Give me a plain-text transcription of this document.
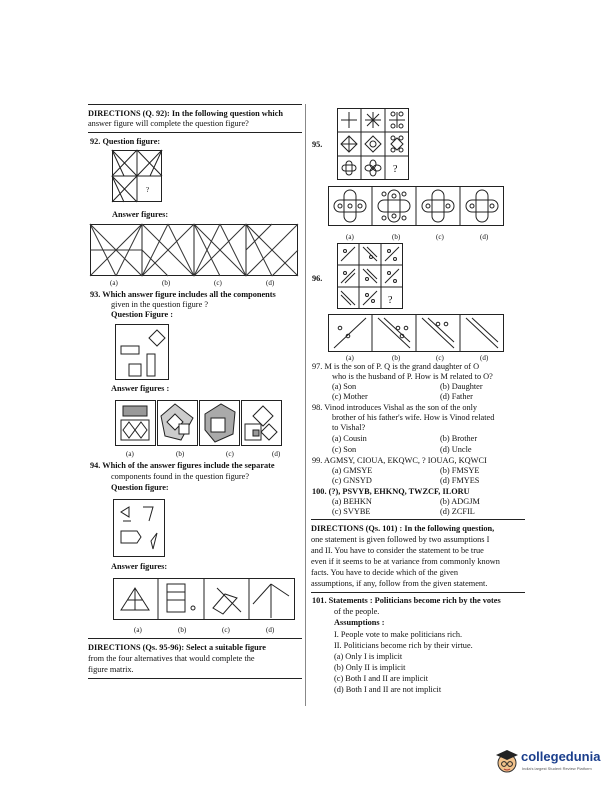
DIRECTIONS (Q. 92): In the following question which
answer figure will complete the question figure?
92. Question figure:
?
Answer figures:
(a)	(b)	(c)	(d)
93. Which answer figure includes all the components
given in the question figure ?
Question Figure :
Answer figures :
(a)	(b)	(c)	(d)
94. Which of the answer figures include the separate
components found in the question figure?
Question figure:
Answer figures:
(a)	(b)	(c)	(d)
DIRECTIONS (Qs. 95-96): Select a suitable figure
from the four alternatives that would complete the
figure matrix.
95.
?
(a)	(b)	(c)	(d)
96.
?
(a)	(b)	(c)	(d)
97. M is the son of P. Q is the grand daughter of O
who is the husband of P. How is M related to O?
(a) Son	(b) Daughter
(c) Mother	(d) Father
98. Vinod introduces Vishal as the son of the only
brother of his father's wife. How is Vinod related
to Vishal?
(a) Cousin	(b) Brother
(c) Son	(d) Uncle
99. AGMSY, CIOUA, EKQWC, ? IOUAG, KQWCI
(a) GMSYE	(b) FMSYE
(c) GNSYD	(d) FMYES
100. (?), PSVYB, EHKNQ, TWZCF, ILORU
(a) BEHKN	(b) ADGJM
(c) SVYBE	(d) ZCFIL
DIRECTIONS (Qs. 101) : In the following question,
one statement is given followed by two assumptions I
and II. You have to consider the statement to be true
even if it seems to be at variance from commonly known
facts. You have to decide which of the given
assumptions, if any, follow from the given statement.
101. Statements : Politicians become rich by the votes
of the people.
Assumptions :
I. People vote to make politicians rich.
II. Politicians become rich by their virtue.
(a) Only I is implicit
(b) Only II is implicit
(c) Both I and II are implicit
(d) Both I and II are not implicit
collegedunia
India's largest Student Review Platform
